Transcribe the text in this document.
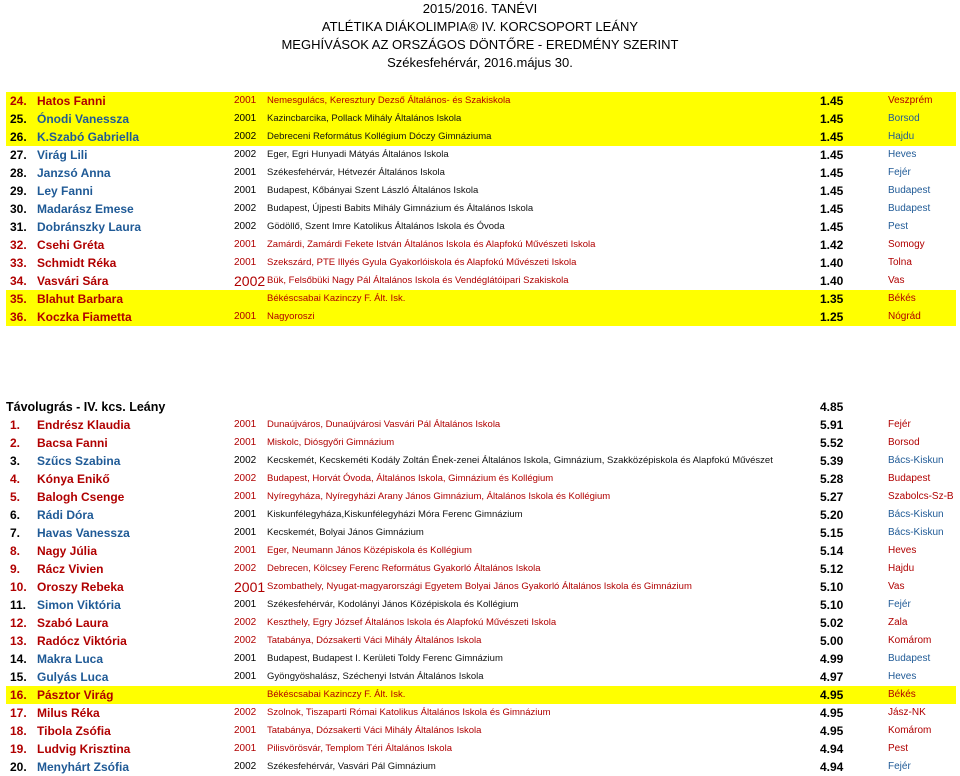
2015/2016. TANÉVI
ATLÉTIKA DIÁKOLIMPIA® IV. KORCSOPORT LEÁNY
MEGHÍVÁSOK AZ ORSZÁGOS DÖNTŐRE - EREDMÉNY SZERINT
Székesfehérvár, 2016.május 30.
24. Hatos Fanni	2001 Nemesgulács, Keresztury Dezső Általános- és Szakiskola	1.45	Veszprém
25. Ónodi Vanessza	2001 Kazincbarcika, Pollack Mihály Általános Iskola	1.45	Borsod
26. K.Szabó Gabriella	2002 Debreceni Református Kollégium Dóczy Gimnáziuma	1.45	Hajdu
27. Virág Lili	2002 Eger, Egri Hunyadi Mátyás Általános Iskola	1.45	Heves
28. Janzsó Anna	2001 Székesfehérvár, Hétvezér Általános Iskola	1.45	Fejér
29. Ley Fanni	2001 Budapest, Kőbányai Szent László Általános Iskola	1.45	Budapest
30. Madarász Emese	2002 Budapest, Újpesti Babits Mihály Gimnázium és Általános Iskola	1.45	Budapest
31. Dobránszky Laura	2002 Gödöllő, Szent Imre Katolikus Általános Iskola és Óvoda	1.45	Pest
32. Csehi Gréta	2001 Zamárdi, Zamárdi Fekete István Általános Iskola és Alapfokú Művészeti Iskola	1.42	Somogy
33. Schmidt Réka	2001 Szekszárd, PTE Illyés Gyula Gyakorlóiskola és Alapfokú Művészeti Iskola	1.40	Tolna
34. Vasvári Sára	2002 Bük, Felsőbüki Nagy Pál Általános Iskola és Vendéglátóipari Szakiskola	1.40	Vas
35. Blahut Barbara	Békéscsabai Kazinczy F. Ált. Isk.	1.35	Békés
36. Koczka Fiametta	2001 Nagyoroszi	1.25	Nógrád
Távolugrás - IV. kcs. Leány	4.85
1. Endrész Klaudia	2001 Dunaújváros, Dunaújvárosi Vasvári Pál Általános Iskola	5.91	Fejér
2. Bacsa Fanni	2001 Miskolc, Diósgyőri Gimnázium	5.52	Borsod
3. Szűcs Szabina	2002 Kecskemét, Kecskeméti Kodály Zoltán Ének-zenei Általános Iskola, Gimnázium, Szakközépiskola és Alapfokú Művészet	5.39	Bács-Kiskun
4. Kónya Enikő	2002 Budapest, Horvát Óvoda, Általános Iskola, Gimnázium és Kollégium	5.28	Budapest
5. Balogh Csenge	2001 Nyíregyháza, Nyíregyházi Arany János Gimnázium, Általános Iskola és Kollégium	5.27	Szabolcs-Sz-B
6. Rádi Dóra	2001 Kiskunfélegyháza,Kiskunfélegyházi Móra Ferenc Gimnázium	5.20	Bács-Kiskun
7. Havas Vanessza	2001 Kecskemét, Bolyai János Gimnázium	5.15	Bács-Kiskun
8. Nagy Júlia	2001 Eger, Neumann János Középiskola és Kollégium	5.14	Heves
9. Rácz Vivien	2002 Debrecen, Kölcsey Ferenc Református Gyakorló Általános Iskola	5.12	Hajdu
10. Oroszy Rebeka	2001 Szombathely, Nyugat-magyarországi Egyetem Bolyai János Gyakorló Általános Iskola és Gimnázium	5.10	Vas
11. Simon Viktória	2001 Székesfehérvár, Kodolányi János Középiskola és Kollégium	5.10	Fejér
12. Szabó Laura	2002 Keszthely, Egry József Általános Iskola és Alapfokú Művészeti Iskola	5.02	Zala
13. Radócz Viktória	2002 Tatabánya, Dózsakerti Váci Mihály Általános Iskola	5.00	Komárom
14. Makra Luca	2001 Budapest, Budapest I. Kerületi Toldy Ferenc Gimnázium	4.99	Budapest
15. Gulyás Luca	2001 Gyöngyöshalász, Széchenyi István Általános Iskola	4.97	Heves
16. Pásztor Virág	Békéscsabai Kazinczy F. Ált. Isk.	4.95	Békés
17. Milus Réka	2002 Szolnok, Tiszaparti Római Katolikus Általános Iskola és Gimnázium	4.95	Jász-NK
18. Tibola Zsófia	2001 Tatabánya, Dózsakerti Váci Mihály Általános Iskola	4.95	Komárom
19. Ludvig Krisztina	2001 Pilisvörösvár, Templom Téri Általános Iskola	4.94	Pest
20. Menyhárt Zsófia	2002 Székesfehérvár, Vasvári Pál Gimnázium	4.94	Fejér
